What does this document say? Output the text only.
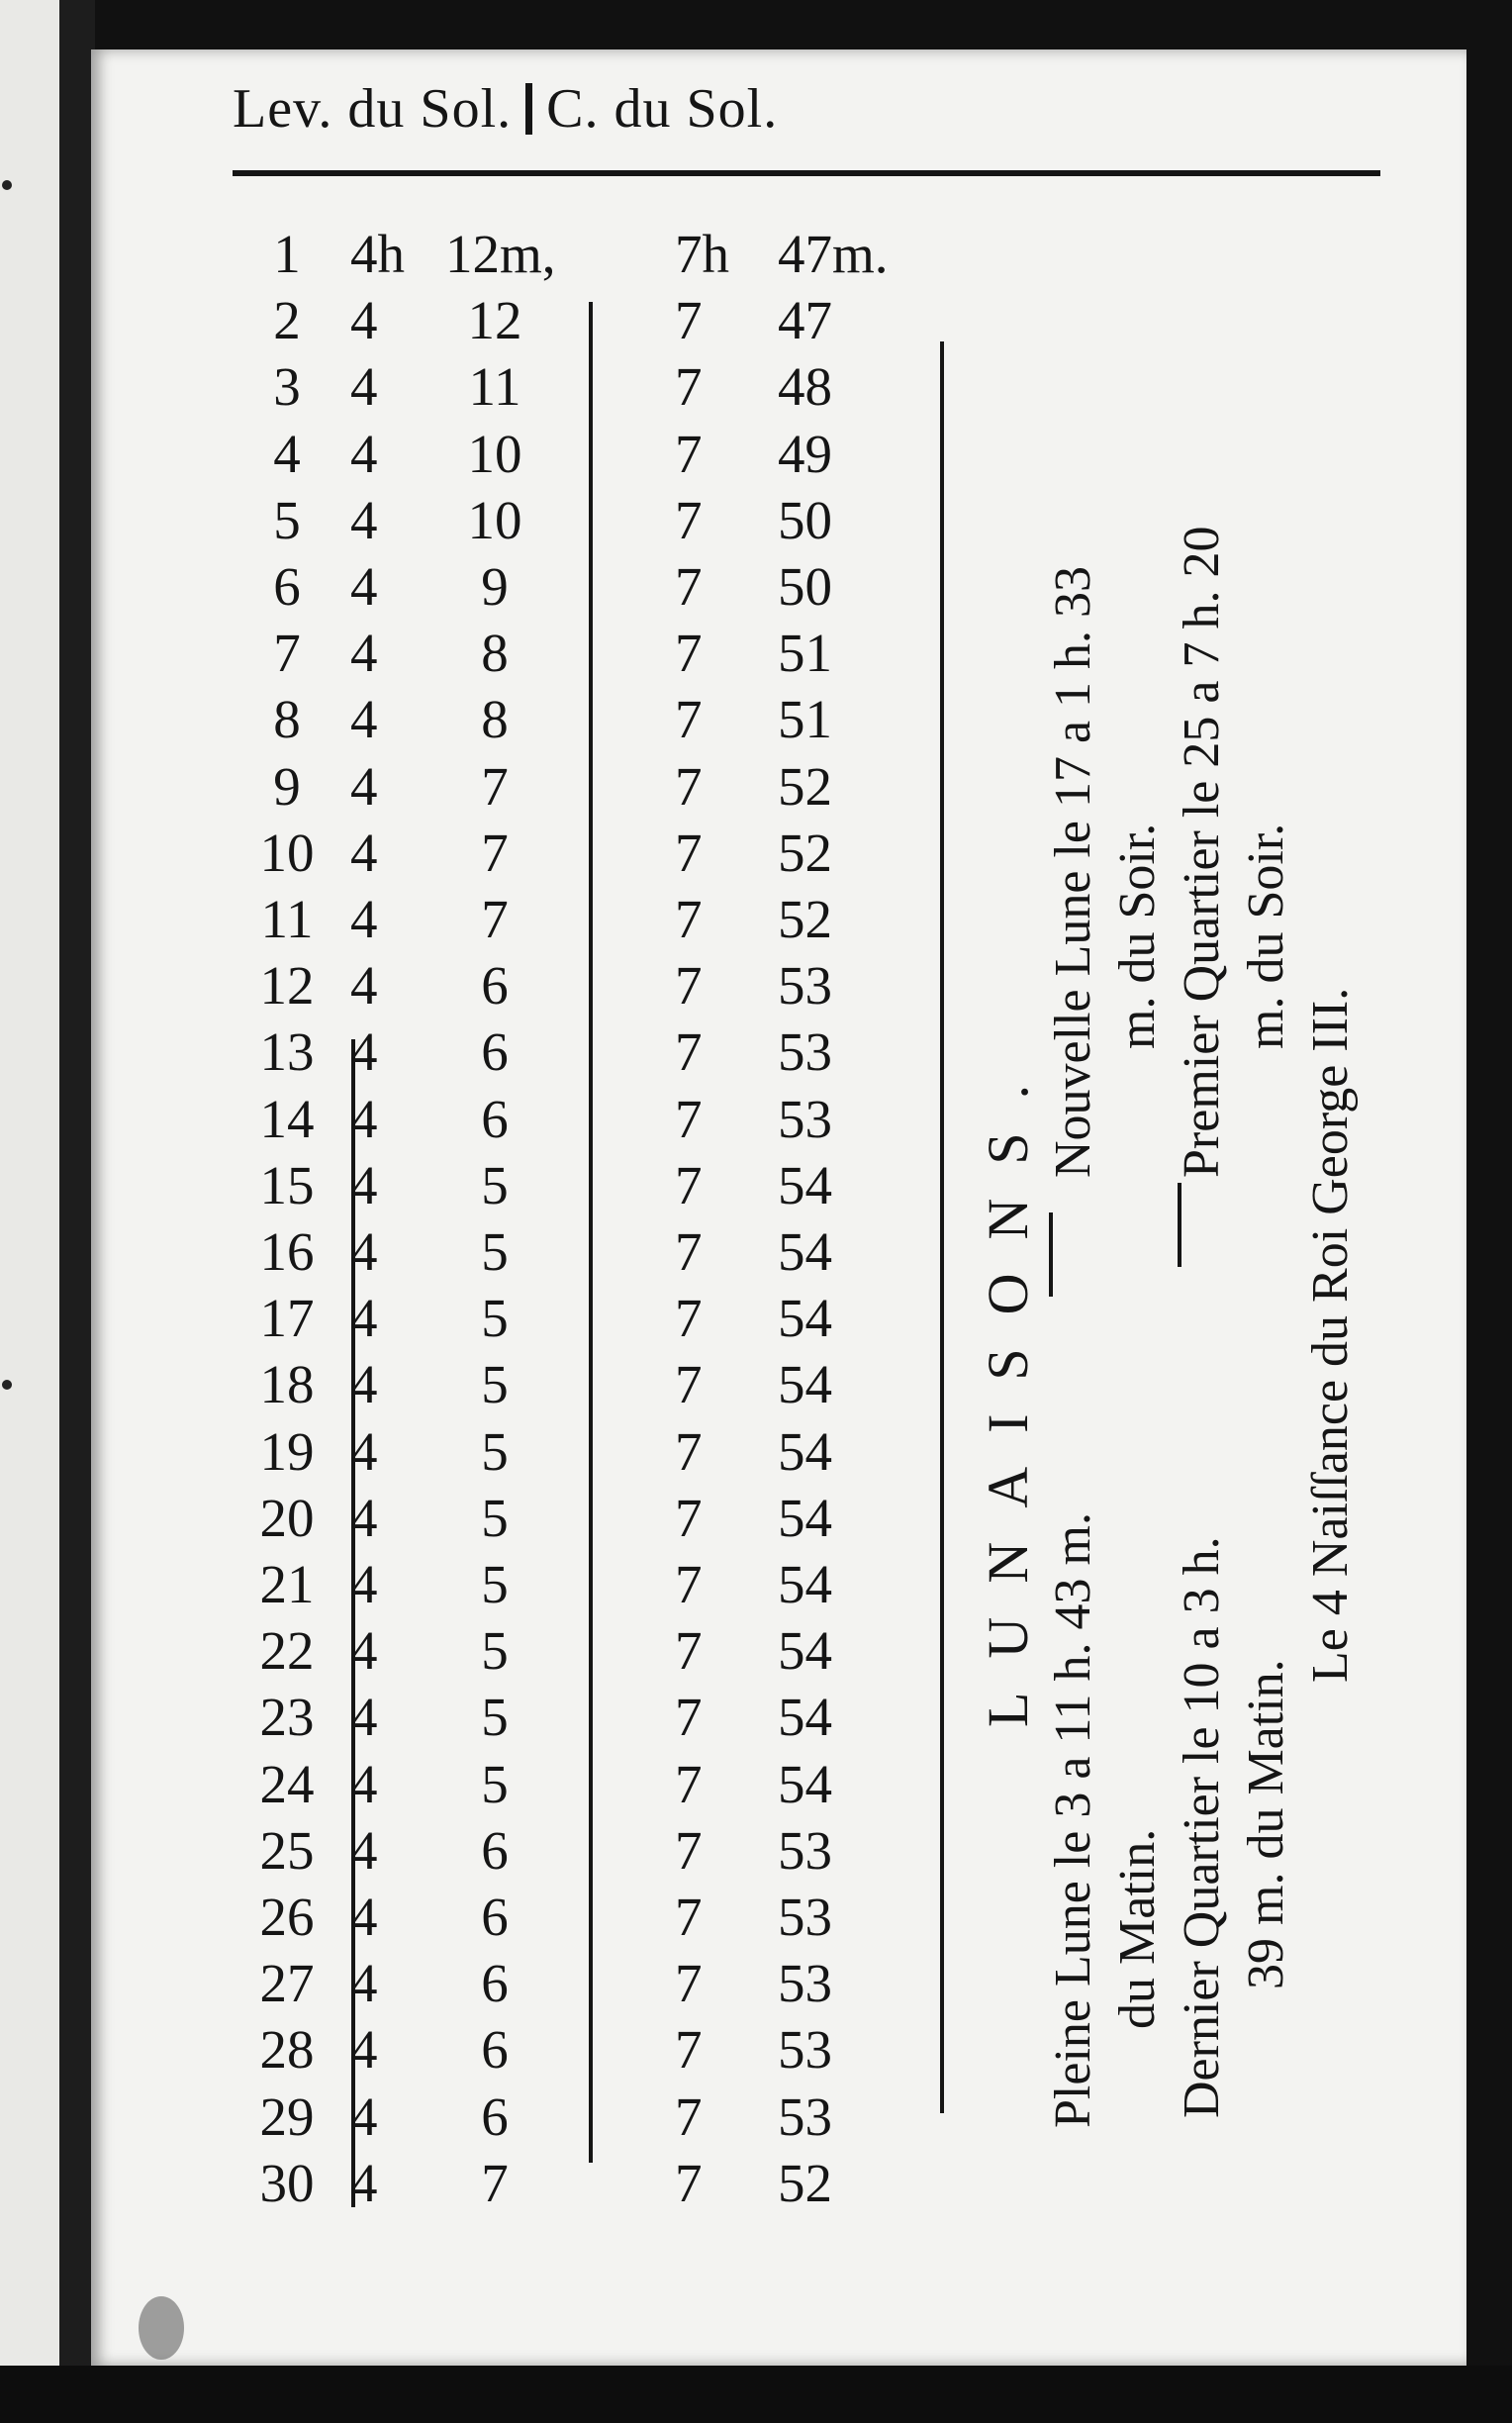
Lev. du Sol. C. du Sol.
1 4h 12m, 7h 47m.
2 4	12	7 47
3 4	11	7 48
4 4	10	7 49
5 4	10	7 50
6 4	9	7 50
7 4	8	7 51
8 4	8	7 51
9 4	7	7 52
10 4	7	7 52
11 4	7	7 52
12 4	6	7 53
13 4	6	7 53
14 4	6	7 53
15 4	5	7 54
16 4	5	7 54
17 4	5	7 54
18 4	5	7 54
19 4	5	7 54
20 4	5	7 54
21 4	5	7 54
22 4	5	7 54
23 4	5	7 54
24 4	5	7 54
25 4	6	7 53
26 4	6	7 53
27 4	6	7 53
28 4	6	7 53
29 4	6	7 53
30 4	7	7 52
LUNAISONS.
Pleine Lune le 3 a 11 h. 43 m. du Matin.
Nouvelle Lune le 17 a 1 h. 33 m. du Soir.
Dernier Quartier le 10 a 3 h. 39 m. du Matin.
Premier Quartier le 25 a 7 h. 20 m. du Soir.
Le 4 Naiſſance du Roi George III.
